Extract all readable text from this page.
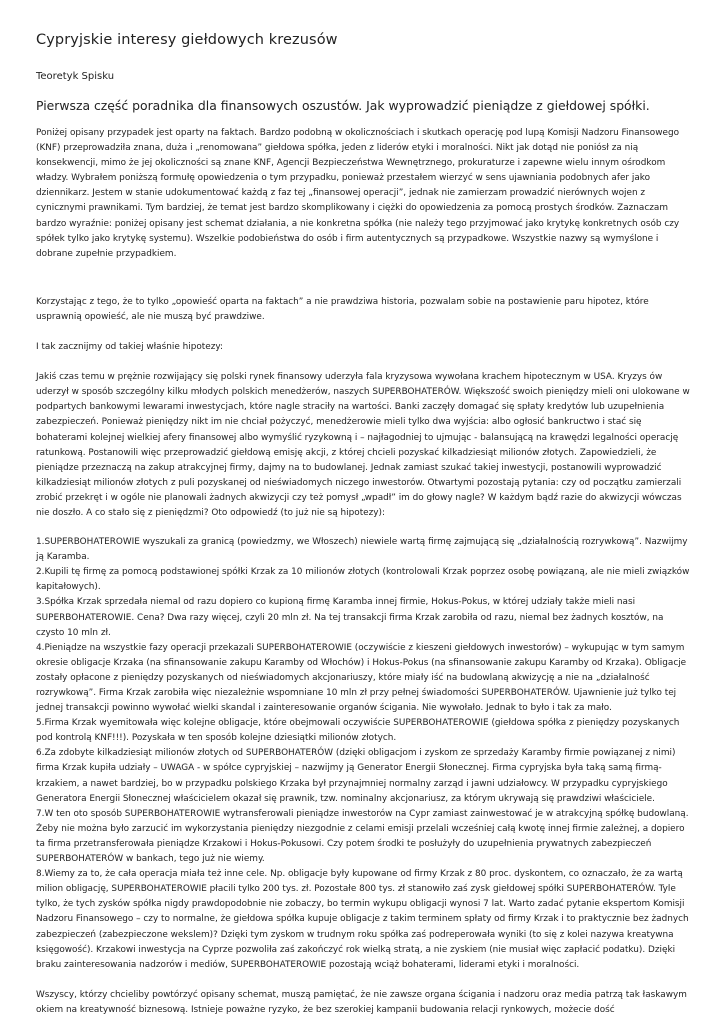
Cypryjskie interesy giełdowych krezusów
Teoretyk Spisku
Pierwsza część poradnika dla finansowych oszustów. Jak wyprowadzić pieniądze z giełdowej spółki.

Poniżej opisany przypadek jest oparty na faktach. Bardzo podobną w okolicznościach i skutkach operację pod lupą Komisji Nadzoru Finansowego (KNF) przeprowadziła znana, duża i „renomowana” giełdowa spółka, jeden z liderów etyki i moralności. Nikt jak dotąd nie poniósł za nią konsekwencji, mimo że jej okoliczności są znane KNF, Agencji Bezpieczeństwa Wewnętrznego, prokuraturze i zapewne wielu innym ośrodkom władzy. Wybrałem poniższą formułę opowiedzenia o tym przypadku, ponieważ przestałem wierzyć w sens ujawniania podobnych afer jako dziennikarz. Jestem w stanie udokumentować każdą z faz tej „finansowej operacji”, jednak nie zamierzam prowadzić nierównych wojen z cynicznymi prawnikami. Tym bardziej, że temat jest bardzo skomplikowany i ciężki do opowiedzenia za pomocą prostych środków. Zaznaczam bardzo wyraźnie: poniżej opisany jest schemat działania, a nie konkretna spółka (nie należy tego przyjmować jako krytykę konkretnych osób czy spółek tylko jako krytykę systemu). Wszelkie podobieństwa do osób i firm autentycznych są przypadkowe. Wszystkie nazwy są wymyślone i dobrane zupełnie przypadkiem.

Korzystając z tego, że to tylko „opowieść oparta na faktach” a nie prawdziwa historia, pozwalam sobie na postawienie paru hipotez, które usprawnią opowieść, ale nie muszą być prawdziwe.

I tak zacznijmy od takiej właśnie hipotezy:

Jakiś czas temu w prężnie rozwijający się polski rynek finansowy uderzyła fala kryzysowa wywołana krachem hipotecznym w USA. Kryzys ów uderzył w sposób szczególny kilku młodych polskich menedżerów, naszych SUPERBOHATERÓW. Większość swoich pieniędzy mieli oni ulokowane w podpartych bankowymi lewarami inwestycjach, które nagle straciły na wartości. Banki zaczęły domagać się spłaty kredytów lub uzupełnienia zabezpieczeń. Ponieważ pieniędzy nikt im nie chciał pożyczyć, menedżerowie mieli tylko dwa wyjścia: albo ogłosić bankructwo i stać się bohaterami kolejnej wielkiej afery finansowej albo wymyślić ryzykowną i – najłagodniej to ujmując - balansującą na krawędzi legalności operację ratunkową. Postanowili więc przeprowadzić giełdową emisję akcji, z której chcieli pozyskać kilkadziesiąt milionów złotych. Zapowiedzieli, że pieniądze przeznaczą na zakup atrakcyjnej firmy, dajmy na to budowlanej. Jednak zamiast szukać takiej inwestycji, postanowili wyprowadzić kilkadziesiąt milionów złotych z puli pozyskanej od nieświadomych niczego inwestorów. Otwartymi pozostają pytania: czy od początku zamierzali zrobić przekręt i w ogóle nie planowali żadnych akwizycji czy też pomysł „wpadł” im do głowy nagle? W każdym bądź razie do akwizycji wówczas nie doszło. A co stało się z pieniędzmi? Oto odpowiedź (to już nie są hipotezy):

1.SUPERBOHATEROWIE wyszukali za granicą (powiedzmy, we Włoszech) niewiele wartą firmę zajmującą się „działalnością rozrywkową”. Nazwijmy ją Karamba.

2.Kupili tę firmę za pomocą podstawionej spółki Krzak za 10 milionów złotych (kontrolowali Krzak poprzez osobę powiązaną, ale nie mieli związków kapitałowych).

3.Spółka Krzak sprzedała niemal od razu dopiero co kupioną firmę Karamba innej firmie, Hokus-Pokus, w której udziały także mieli nasi SUPERBOHATEROWIE. Cena? Dwa razy więcej, czyli 20 mln zł. Na tej transakcji firma Krzak zarobiła od razu, niemal bez żadnych kosztów, na czysto 10 mln zł.

4.Pieniądze na wszystkie fazy operacji przekazali SUPERBOHATEROWIE (oczywiście z kieszeni giełdowych inwestorów) – wykupując w tym samym okresie obligacje Krzaka (na sfinansowanie zakupu Karamby od Włochów) i Hokus-Pokus (na sfinansowanie zakupu Karamby od Krzaka). Obligacje zostały opłacone z pieniędzy pozyskanych od nieświadomych akcjonariuszy, które miały iść na budowlaną akwizycję a nie na „działalność rozrywkową”. Firma Krzak zarobiła więc niezależnie wspomniane 10 mln zł przy pełnej świadomości SUPERBOHATERÓW. Ujawnienie już tylko tej jednej transakcji powinno wywołać wielki skandal i zainteresowanie organów ścigania. Nie wywołało. Jednak to było i tak za mało.

5.Firma Krzak wyemitowała więc kolejne obligacje, które obejmowali oczywiście SUPERBOHATEROWIE (giełdowa spółka z pieniędzy pozyskanych pod kontrolą KNF!!!). Pozyskała w ten sposób kolejne dziesiątki milionów złotych.

6.Za zdobyte kilkadziesiąt milionów złotych od SUPERBOHATERÓW (dzięki obligacjom i zyskom ze sprzedaży Karamby firmie powiązanej z nimi) firma Krzak kupiła udziały – UWAGA - w spółce cypryjskiej – nazwijmy ją Generator Energii Słonecznej. Firma cypryjska była taką samą firmą-krzakiem, a nawet bardziej, bo w przypadku polskiego Krzaka był przynajmniej normalny zarząd i jawni udziałowcy. W przypadku cypryjskiego Generatora Energii Słonecznej właścicielem okazał się prawnik, tzw. nominalny akcjonariusz, za którym ukrywają się prawdziwi właściciele.

7.W ten oto sposób SUPERBOHATEROWIE wytransferowali pieniądze inwestorów na Cypr zamiast zainwestować je w atrakcyjną spółkę budowlaną. Żeby nie można było zarzucić im wykorzystania pieniędzy niezgodnie z celami emisji przelali wcześniej całą kwotę innej firmie zależnej, a dopiero ta firma przetransferowała pieniądze Krzakowi i Hokus-Pokusowi. Czy potem środki te posłużyły do uzupełnienia prywatnych zabezpieczeń SUPERBOHATERÓW w bankach, tego już nie wiemy.

8.Wiemy za to, że cała operacja miała też inne cele. Np. obligacje były kupowane od firmy Krzak z 80 proc. dyskontem, co oznaczało, że za wartą milion obligację, SUPERBOHATEROWIE płacili tylko 200 tys. zł. Pozostałe 800 tys. zł stanowiło zaś zysk giełdowej spółki SUPERBOHATERÓW. Tyle tylko, że tych zysków spółka nigdy prawdopodobnie nie zobaczy, bo termin wykupu obligacji wynosi 7 lat. Warto zadać pytanie ekspertom Komisji Nadzoru Finansowego – czy to normalne, że giełdowa spółka kupuje obligacje z takim terminem spłaty od firmy Krzak i to praktycznie bez żadnych zabezpieczeń (zabezpieczone wekslem)? Dzięki tym zyskom w trudnym roku spółka zaś podreperowała wyniki (to się z kolei nazywa kreatywna księgowość). Krzakowi inwestycja na Cyprze pozwoliła zaś zakończyć rok wielką stratą, a nie zyskiem (nie musiał więc zapłacić podatku). Dzięki braku zainteresowania nadzorów i mediów, SUPERBOHATEROWIE pozostają wciąż bohaterami, liderami etyki i moralności.

Wszyscy, którzy chcieliby powtórzyć opisany schemat, muszą pamiętać, że nie zawsze organa ścigania i nadzoru oraz media patrzą tak łaskawym okiem na kreatywność biznesową. Istnieje poważne ryzyko, że bez szerokiej kampanii budowania relacji rynkowych, możecie dość
